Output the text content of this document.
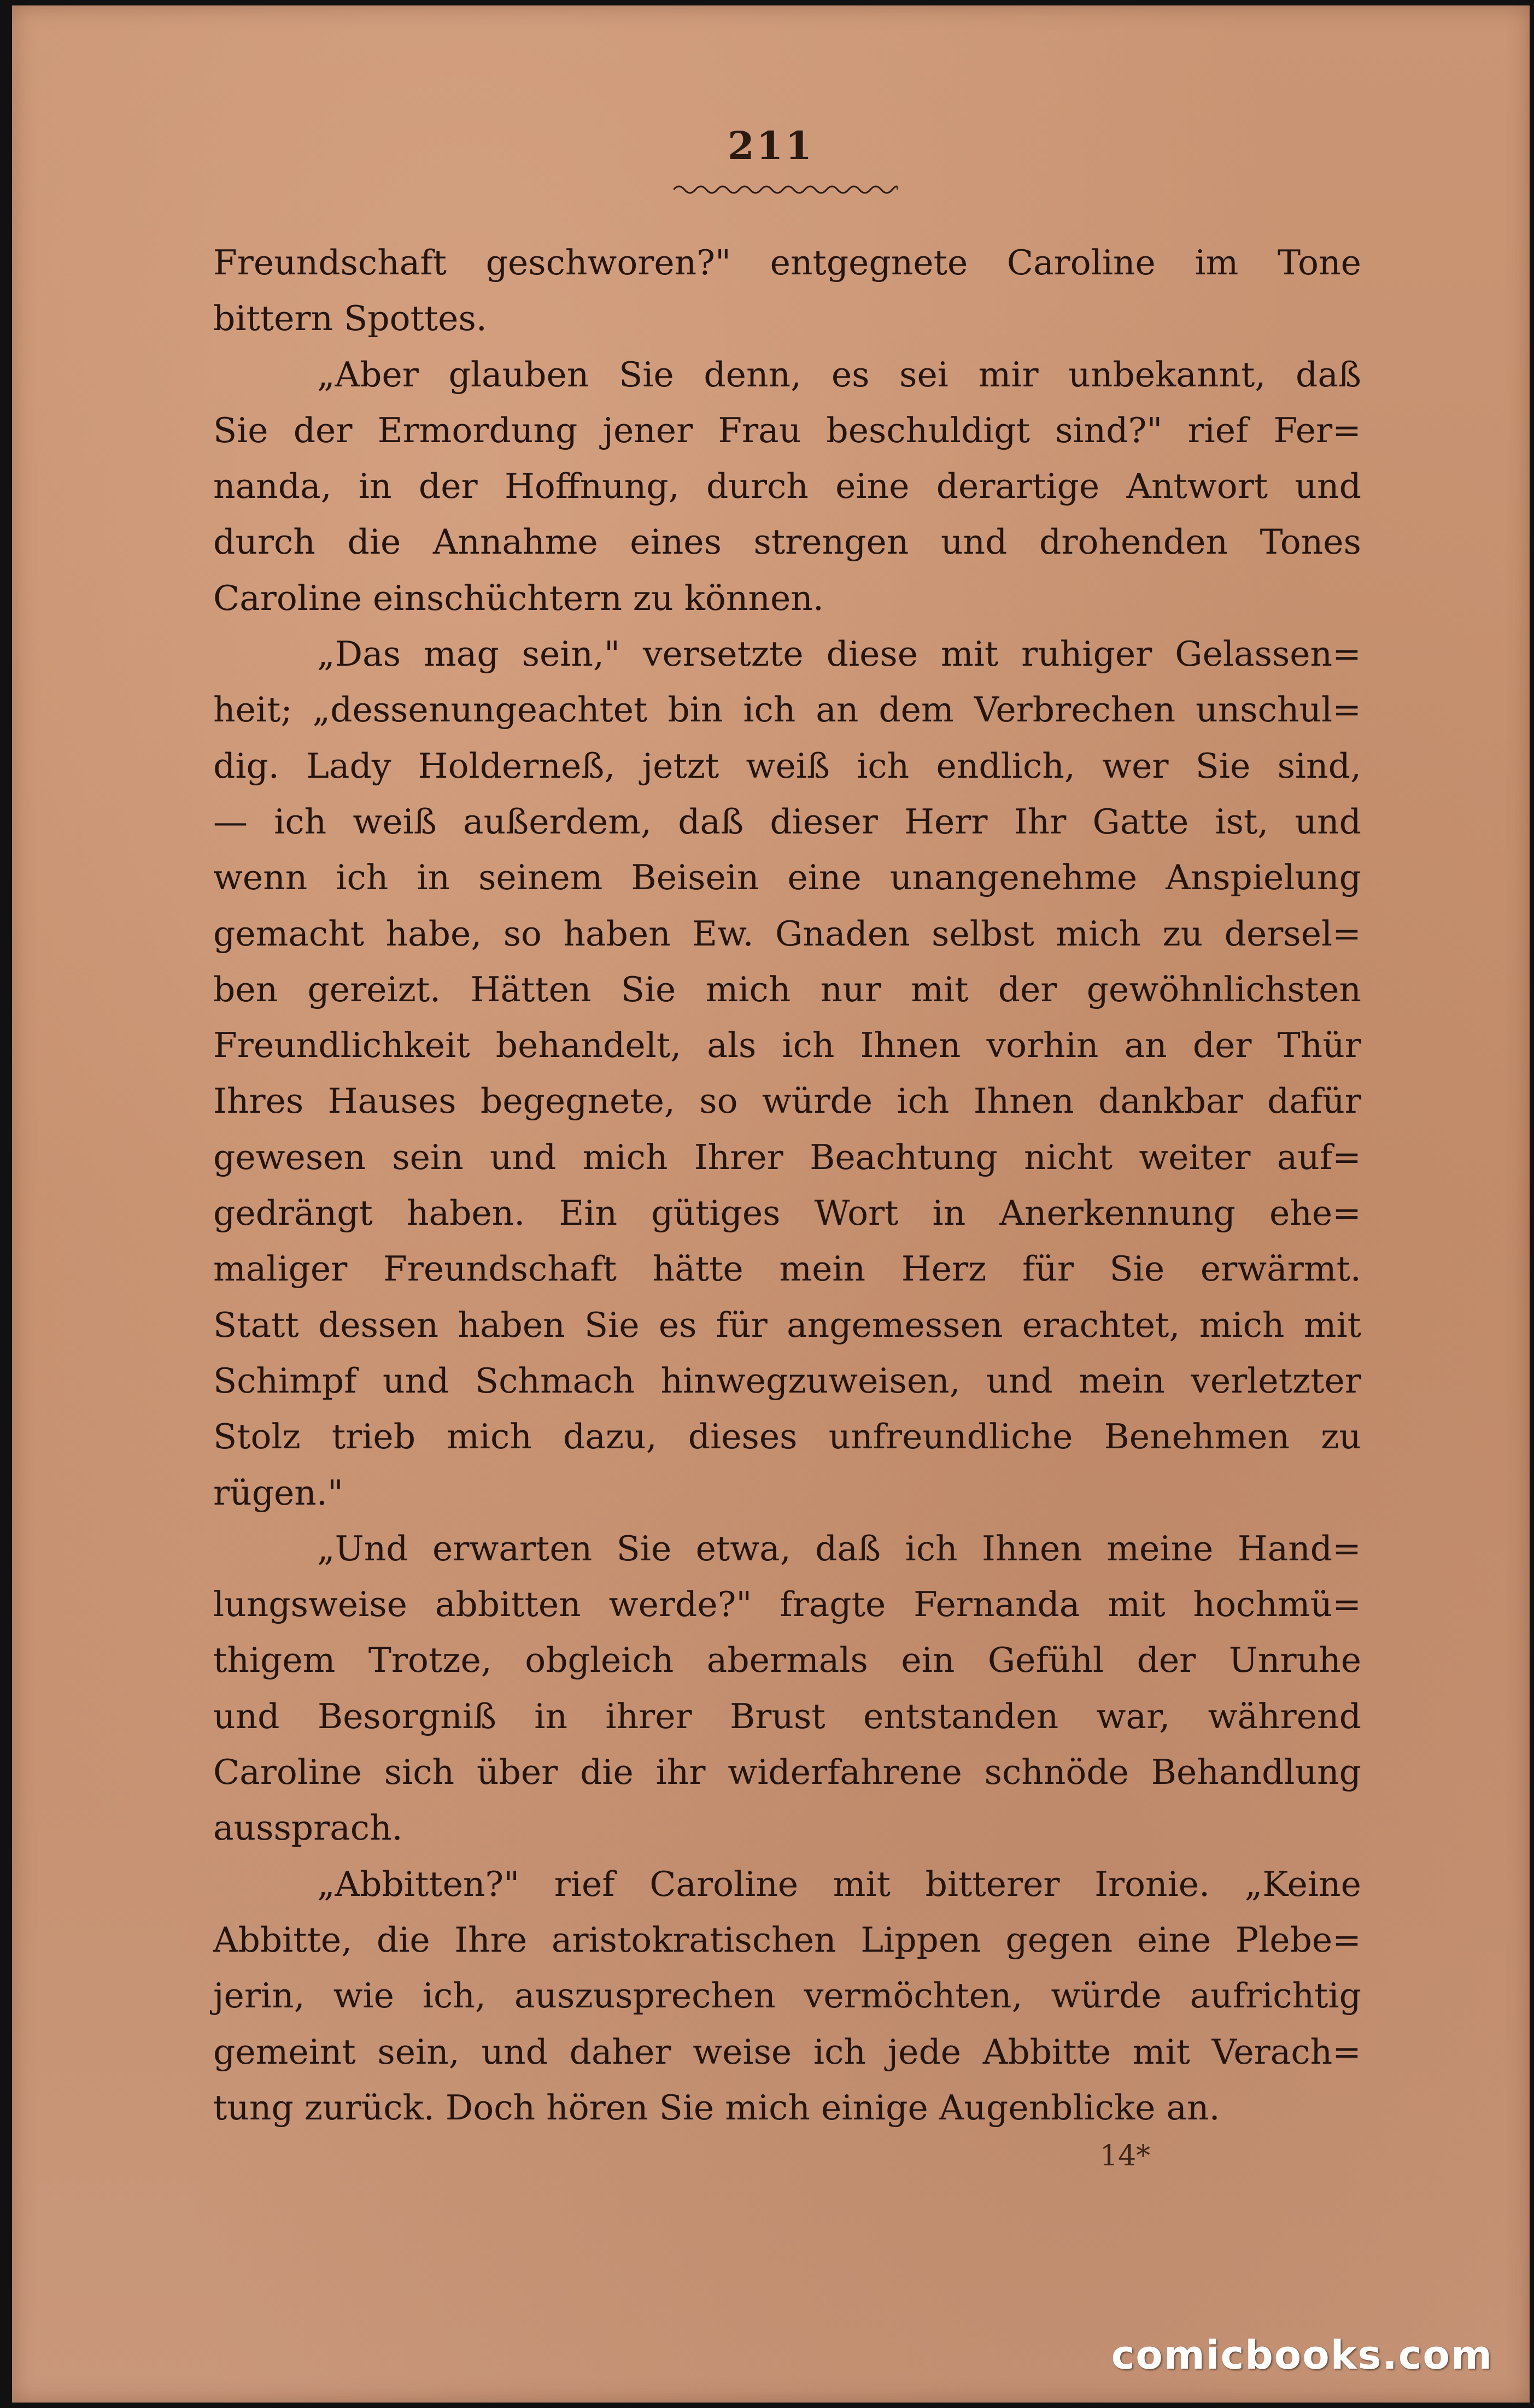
211
Freundschaft geschworen?" entgegnete Caroline im Tone
bittern Spottes.
„Aber glauben Sie denn, es sei mir unbekannt, daß
Sie der Ermordung jener Frau beschuldigt sind?" rief Fer=
nanda, in der Hoffnung, durch eine derartige Antwort und
durch die Annahme eines strengen und drohenden Tones
Caroline einschüchtern zu können.
„Das mag sein," versetzte diese mit ruhiger Gelassen=
heit; „dessenungeachtet bin ich an dem Verbrechen unschul=
dig. Lady Holderneß, jetzt weiß ich endlich, wer Sie sind,
— ich weiß außerdem, daß dieser Herr Ihr Gatte ist, und
wenn ich in seinem Beisein eine unangenehme Anspielung
gemacht habe, so haben Ew. Gnaden selbst mich zu dersel=
ben gereizt. Hätten Sie mich nur mit der gewöhnlichsten
Freundlichkeit behandelt, als ich Ihnen vorhin an der Thür
Ihres Hauses begegnete, so würde ich Ihnen dankbar dafür
gewesen sein und mich Ihrer Beachtung nicht weiter auf=
gedrängt haben. Ein gütiges Wort in Anerkennung ehe=
maliger Freundschaft hätte mein Herz für Sie erwärmt.
Statt dessen haben Sie es für angemessen erachtet, mich mit
Schimpf und Schmach hinwegzuweisen, und mein verletzter
Stolz trieb mich dazu, dieses unfreundliche Benehmen zu
rügen."
„Und erwarten Sie etwa, daß ich Ihnen meine Hand=
lungsweise abbitten werde?" fragte Fernanda mit hochmü=
thigem Trotze, obgleich abermals ein Gefühl der Unruhe
und Besorgniß in ihrer Brust entstanden war, während
Caroline sich über die ihr widerfahrene schnöde Behandlung
aussprach.
„Abbitten?" rief Caroline mit bitterer Ironie. „Keine
Abbitte, die Ihre aristokratischen Lippen gegen eine Plebe=
jerin, wie ich, auszusprechen vermöchten, würde aufrichtig
gemeint sein, und daher weise ich jede Abbitte mit Verach=
tung zurück. Doch hören Sie mich einige Augenblicke an.
14*
comicbooks.com
